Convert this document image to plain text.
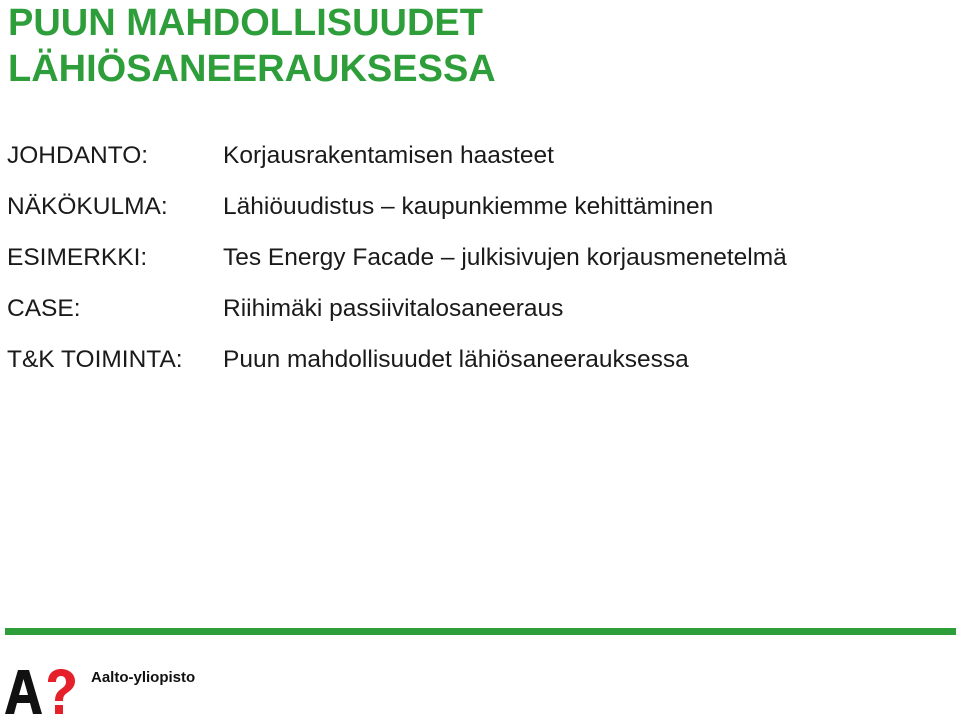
PUUN MAHDOLLISUUDET
LÄHIÖSANEERAUKSESSA
JOHDANTO:	Korjausrakentamisen haasteet
NÄKÖKULMA:	Lähiöuudistus – kaupunkiemme kehittäminen
ESIMERKKI:	Tes Energy Facade – julkisivujen korjausmenetelmä
CASE:	Riihimäki passiivitalosaneeraus
T&K TOIMINTA:	Puun mahdollisuudet lähiösaneerauksessa
Aalto-yliopisto
